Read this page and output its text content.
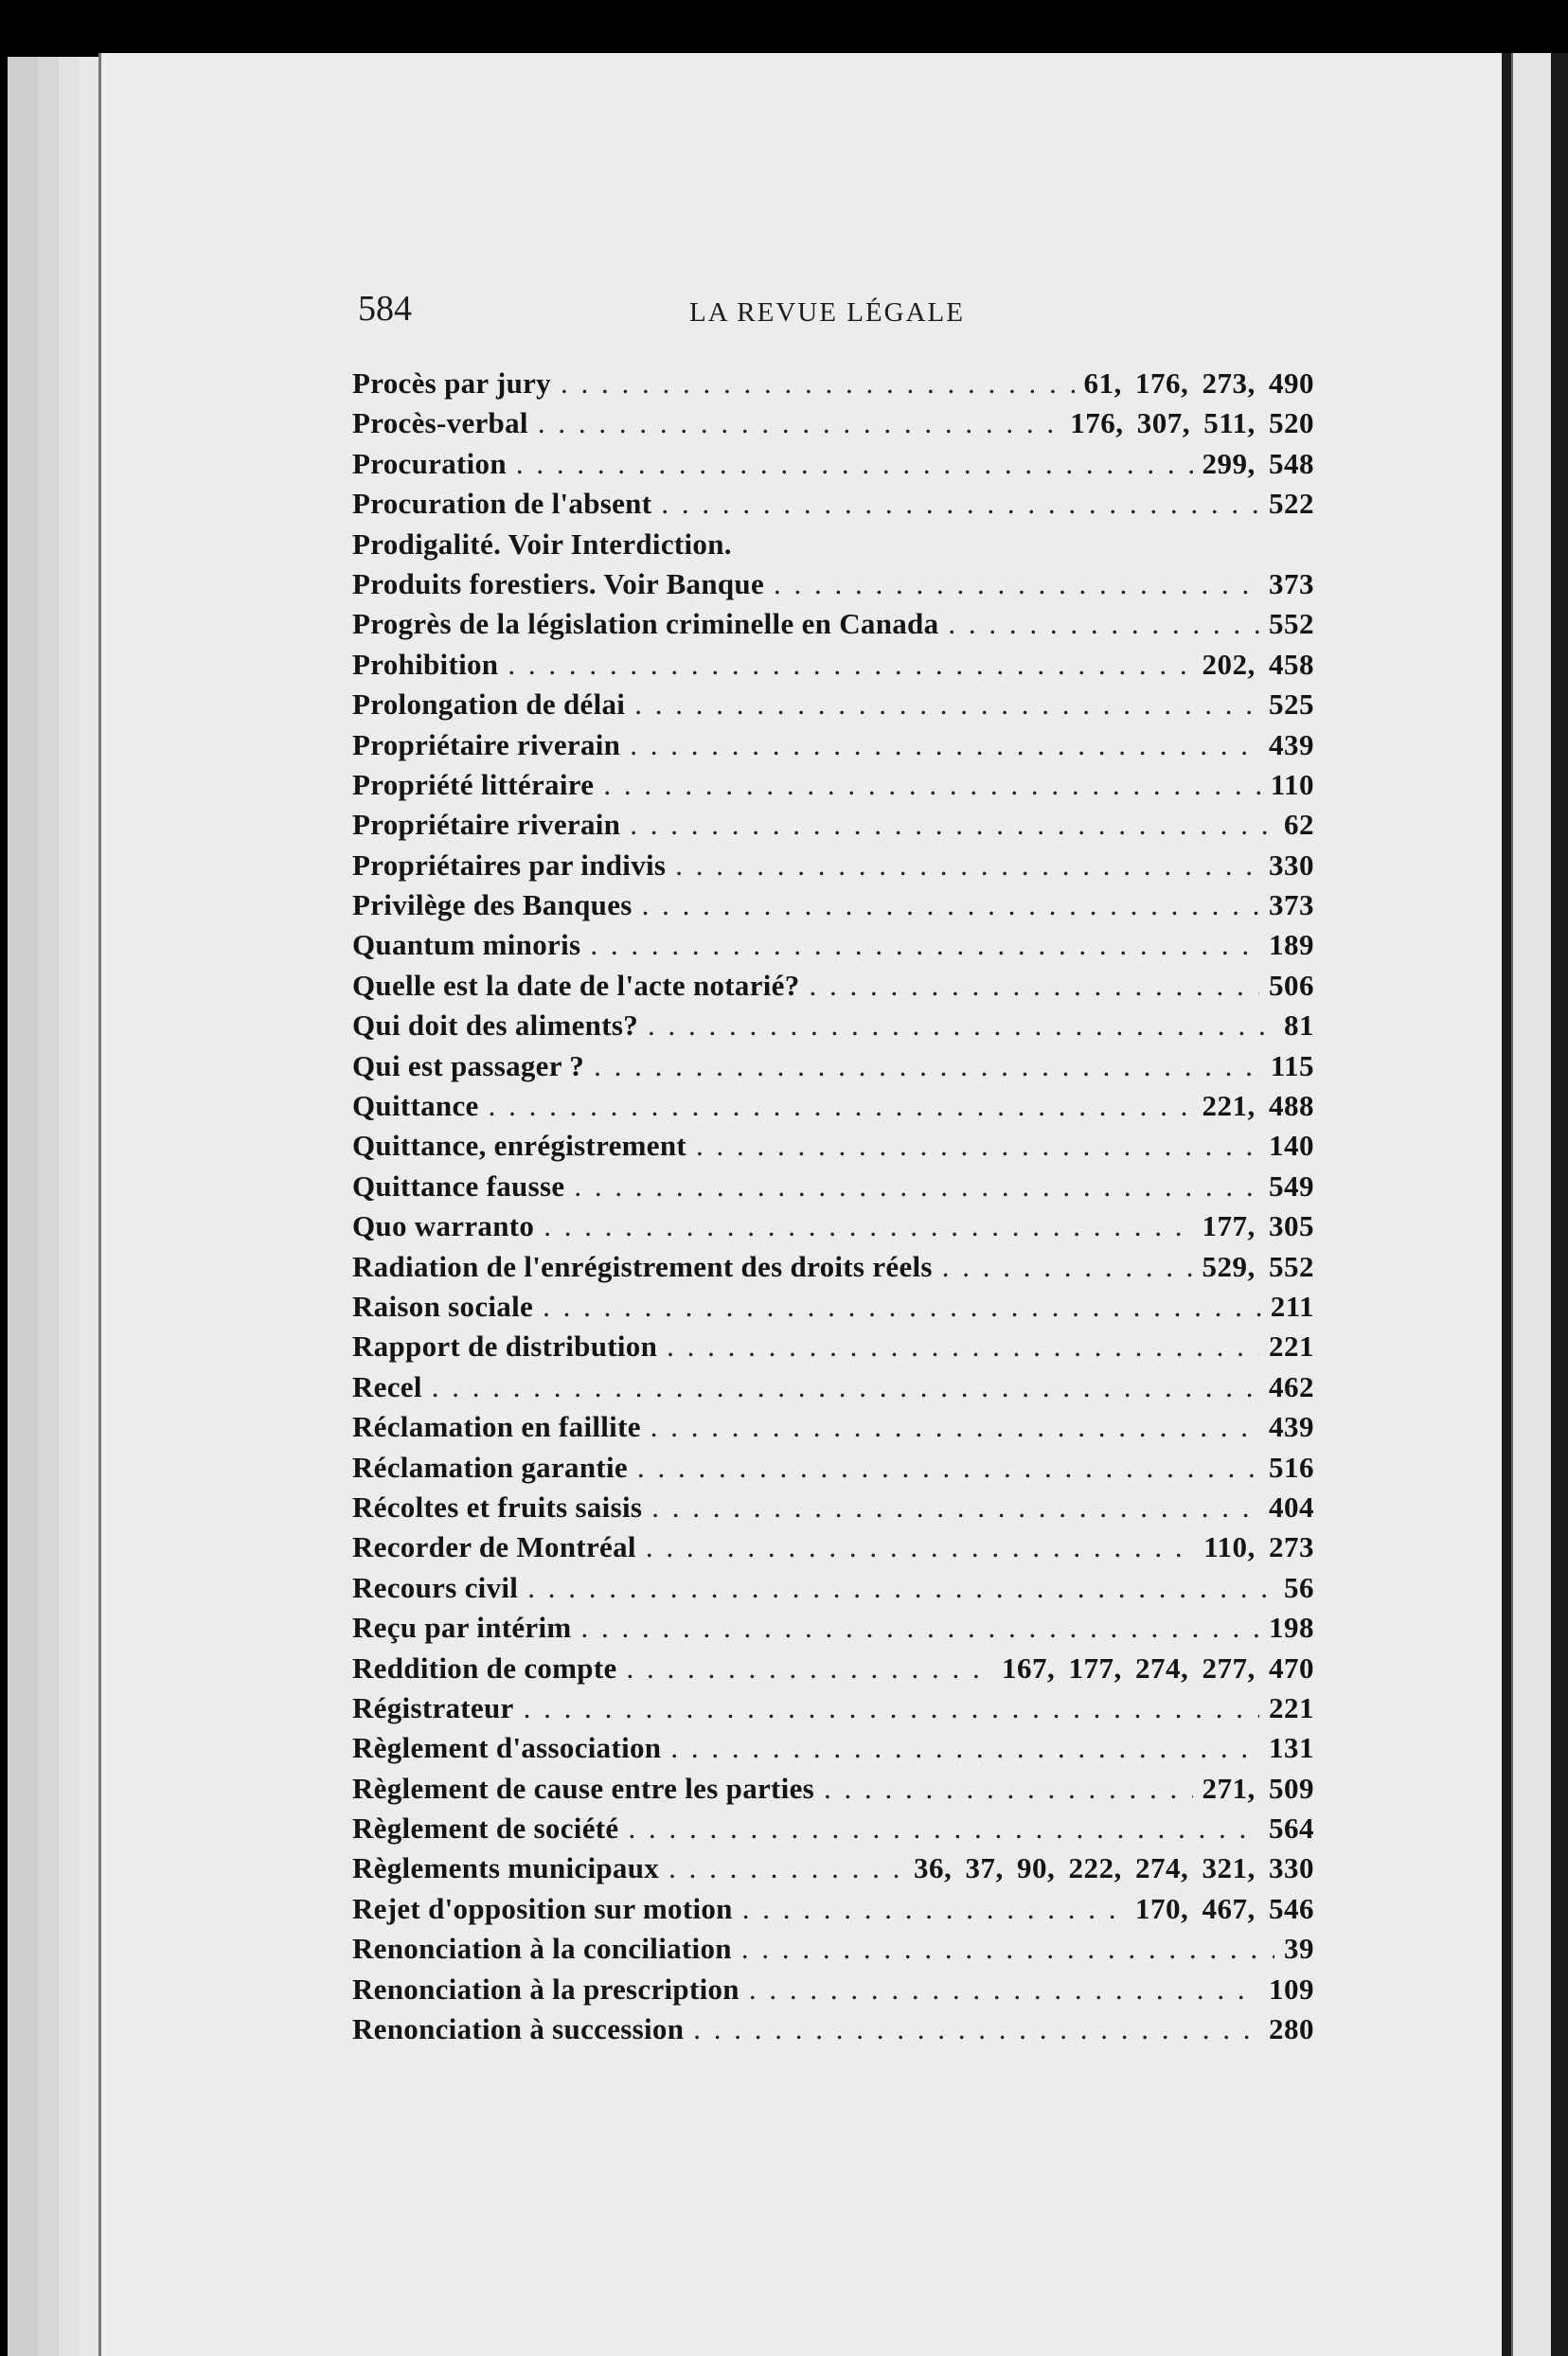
584	LA REVUE LÉGALE
Procès par jury . . .	61, 176, 273, 490
Procès-verbal . . .	176, 307, 511, 520
Procuration . . .	299, 548
Procuration de l'absent . . .	522
Prodigalité. Voir Interdiction.
Produits forestiers. Voir Banque . . .	373
Progrès de la législation criminelle en Canada . . .	552
Prohibition . . .	202, 458
Prolongation de délai . . .	525
Propriétaire riverain . . .	439
Propriété littéraire . . .	110
Propriétaire riverain . . .	62
Propriétaires par indivis . . .	330
Privilège des Banques . . .	373
Quantum minoris . . .	189
Quelle est la date de l'acte notarié? . . .	506
Qui doit des aliments? . . .	81
Qui est passager ? . . .	115
Quittance . . .	221, 488
Quittance, enrégistrement . . .	140
Quittance fausse . . .	549
Quo warranto . . .	177, 305
Radiation de l'enrégistrement des droits réels . . .	529, 552
Raison sociale . . .	211
Rapport de distribution . . .	221
Recel . . .	462
Réclamation en faillite . . .	439
Réclamation garantie . . .	516
Récoltes et fruits saisis . . .	404
Recorder de Montréal . . .	110, 273
Recours civil . . .	56
Reçu par intérim . . .	198
Reddition de compte . . .	167, 177, 274, 277, 470
Régistrateur . . .	221
Règlement d'association . . .	131
Règlement de cause entre les parties . . .	271, 509
Règlement de société . . .	564
Règlements municipaux . . .	36, 37, 90, 222, 274, 321, 330
Rejet d'opposition sur motion . . .	170, 467, 546
Renonciation à la conciliation . . .	39
Renonciation à la prescription . . .	109
Renonciation à succession . . .	280
